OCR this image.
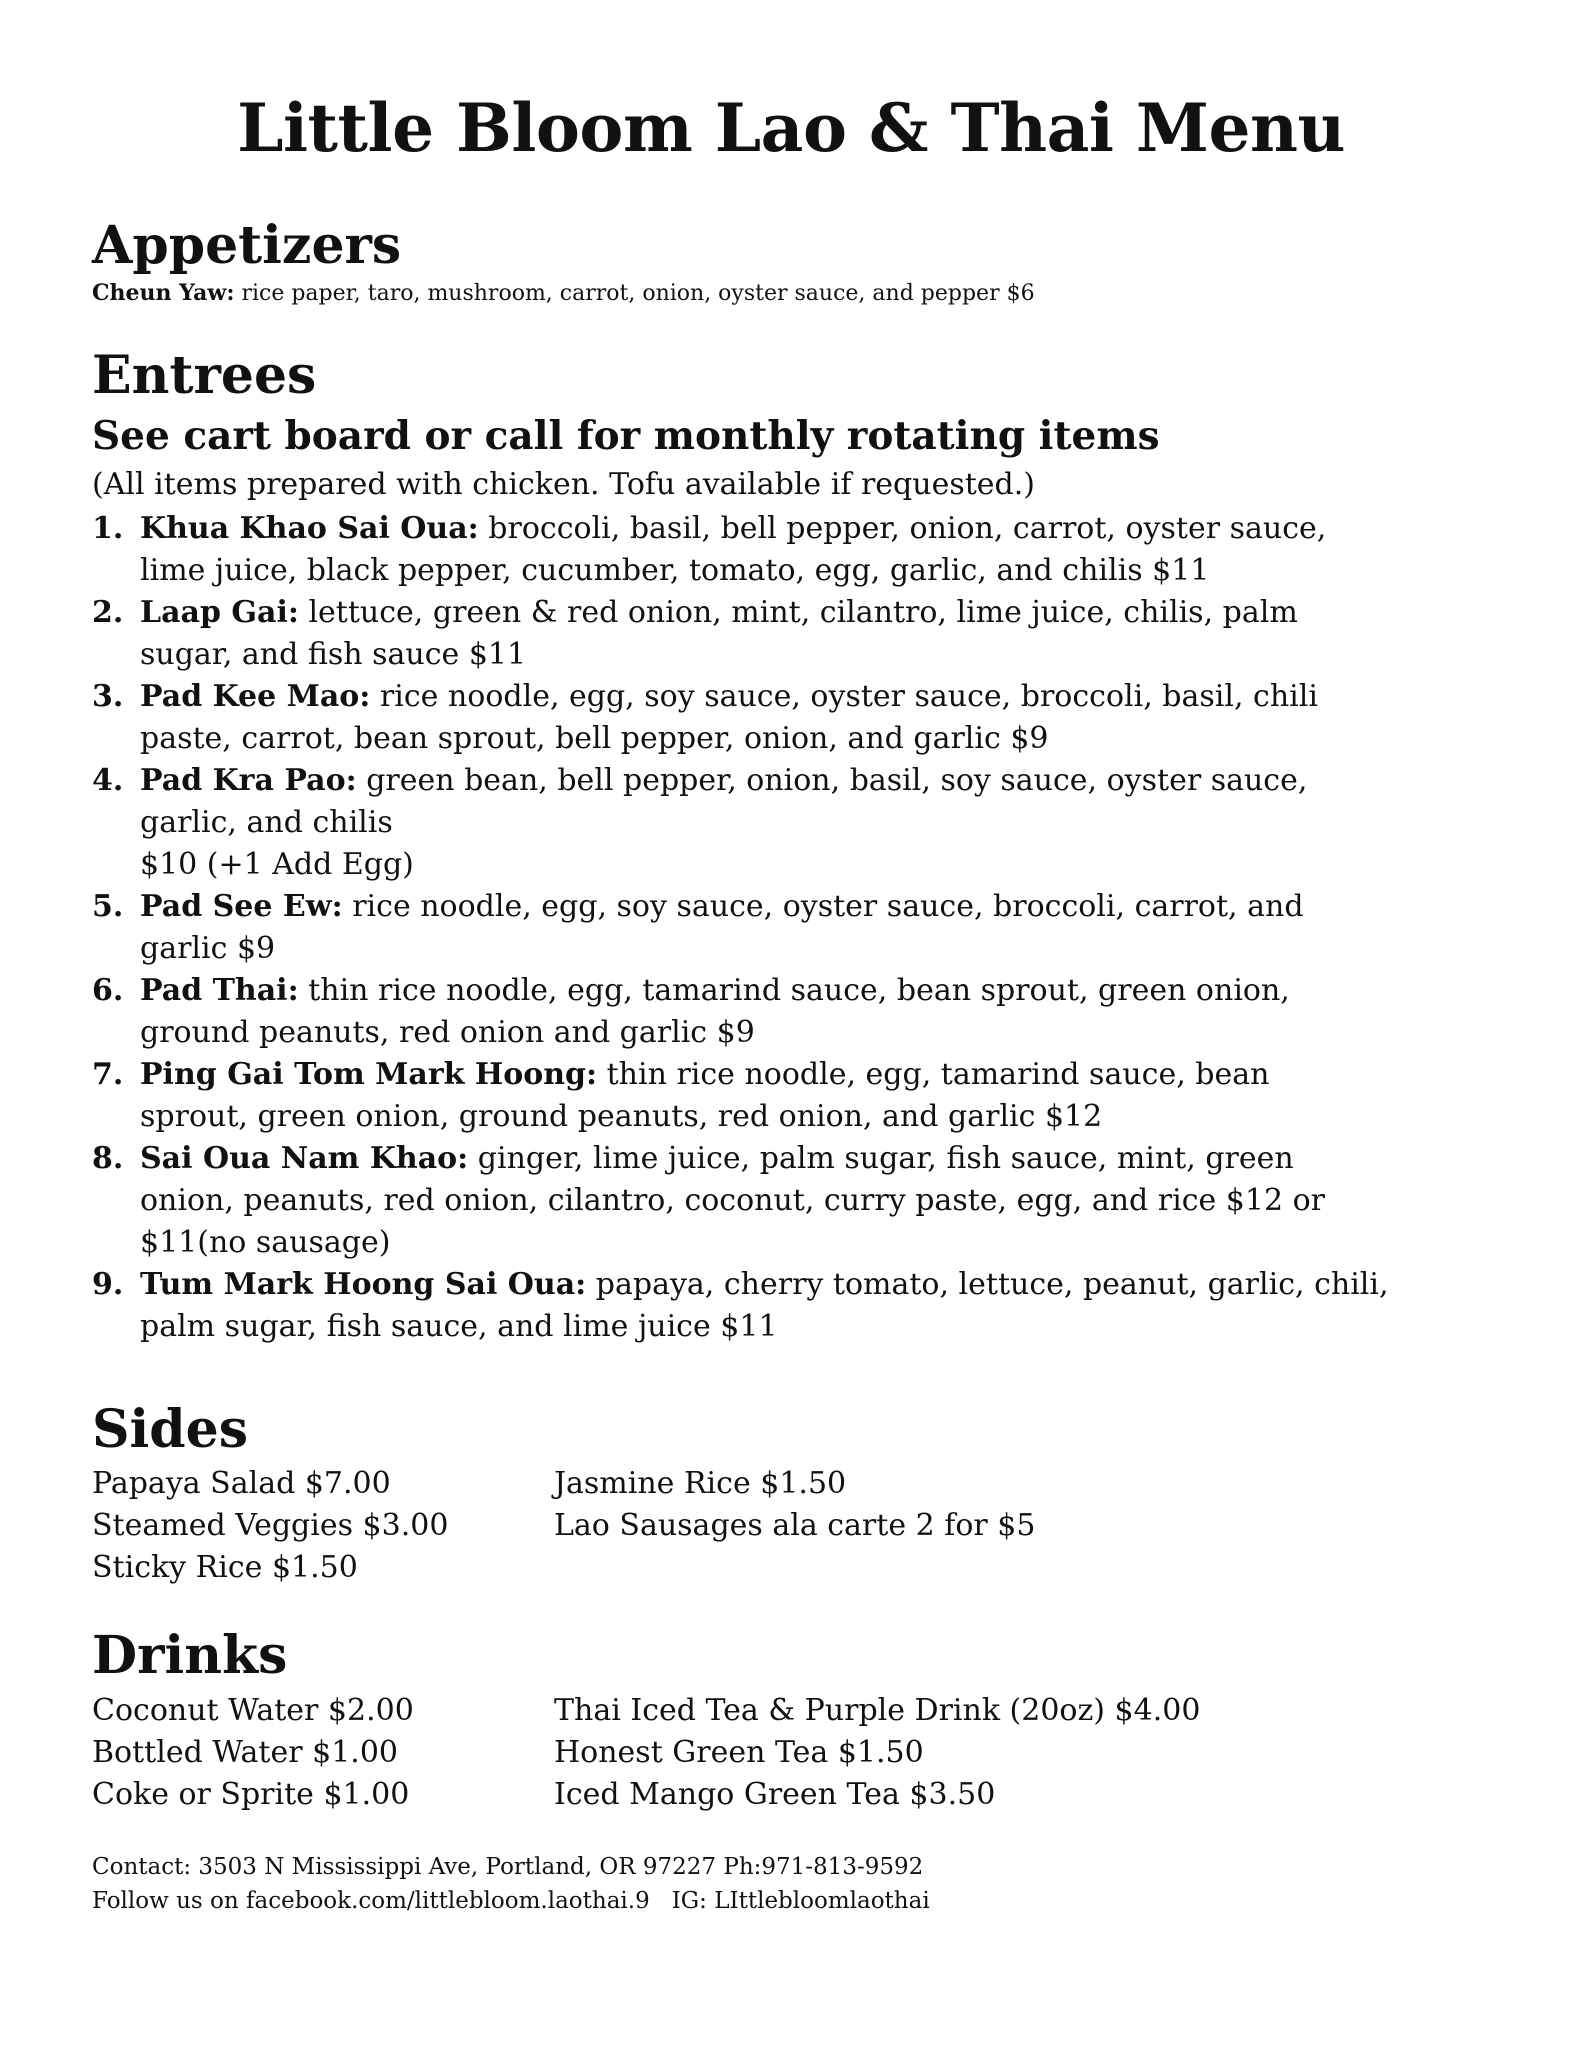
Little Bloom Lao & Thai Menu
Appetizers
Cheun Yaw: rice paper, taro, mushroom, carrot, onion, oyster sauce, and pepper $6
Entrees
See cart board or call for monthly rotating items
(All items prepared with chicken. Tofu available if requested.)
1. Khua Khao Sai Oua: broccoli, basil, bell pepper, onion, carrot, oyster sauce,
lime juice, black pepper, cucumber, tomato, egg, garlic, and chilis $11
2. Laap Gai: lettuce, green & red onion, mint, cilantro, lime juice, chilis, palm
sugar, and fish sauce $11
3. Pad Kee Mao: rice noodle, egg, soy sauce, oyster sauce, broccoli, basil, chili
paste, carrot, bean sprout, bell pepper, onion, and garlic $9
4. Pad Kra Pao: green bean, bell pepper, onion, basil, soy sauce, oyster sauce,
garlic, and chilis
$10 (+1 Add Egg)
5. Pad See Ew: rice noodle, egg, soy sauce, oyster sauce, broccoli, carrot, and
garlic $9
6. Pad Thai: thin rice noodle, egg, tamarind sauce, bean sprout, green onion,
ground peanuts, red onion and garlic $9
7. Ping Gai Tom Mark Hoong: thin rice noodle, egg, tamarind sauce, bean
sprout, green onion, ground peanuts, red onion, and garlic $12
8. Sai Oua Nam Khao: ginger, lime juice, palm sugar, fish sauce, mint, green
onion, peanuts, red onion, cilantro, coconut, curry paste, egg, and rice $12 or
$11(no sausage)
9. Tum Mark Hoong Sai Oua: papaya, cherry tomato, lettuce, peanut, garlic, chili,
palm sugar, fish sauce, and lime juice $11
Sides
Papaya Salad $7.00
Steamed Veggies $3.00
Sticky Rice $1.50
Jasmine Rice $1.50
Lao Sausages ala carte 2 for $5
Drinks
Coconut Water $2.00
Bottled Water $1.00
Coke or Sprite $1.00
Thai Iced Tea & Purple Drink (20oz) $4.00
Honest Green Tea $1.50
Iced Mango Green Tea $3.50
Contact: 3503 N Mississippi Ave, Portland, OR 97227 Ph:971-813-9592
Follow us on facebook.com/littlebloom.laothai.9 IG: LIttlebloomlaothai
